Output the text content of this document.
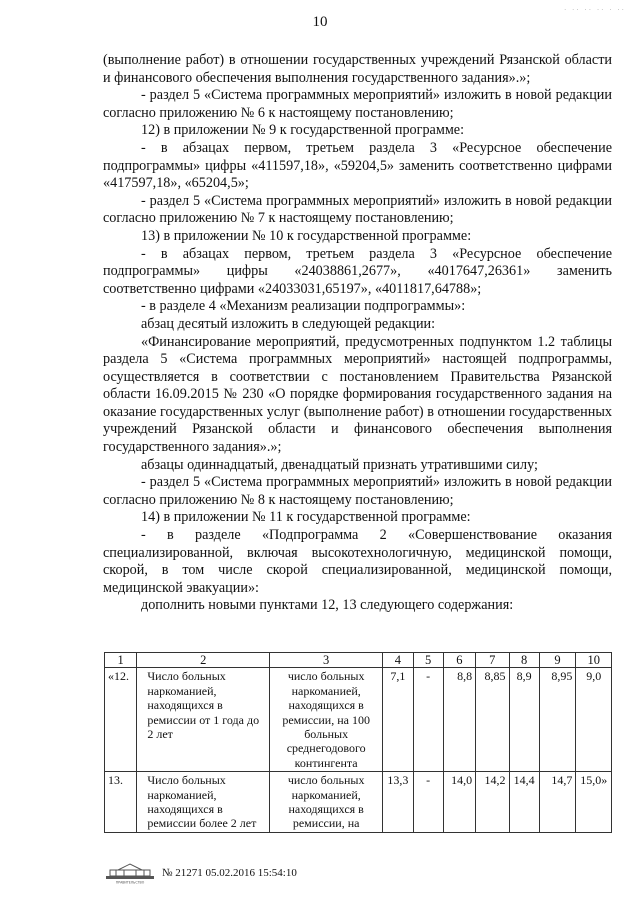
· ·· ·· ·· · ··
10

(выполнение работ) в отношении государственных учреждений Рязанской области и финансового обеспечения выполнения государственного задания».»;

- раздел 5 «Система программных мероприятий» изложить в новой редакции согласно приложению № 6 к настоящему постановлению;

12) в приложении № 9 к государственной программе:

- в абзацах первом, третьем раздела 3 «Ресурсное обеспечение подпрограммы» цифры «411597,18», «59204,5» заменить соответственно цифрами «417597,18», «65204,5»;

- раздел 5 «Система программных мероприятий» изложить в новой редакции согласно приложению № 7 к настоящему постановлению;

13) в приложении № 10 к государственной программе:

- в абзацах первом, третьем раздела 3 «Ресурсное обеспечение подпрограммы» цифры «24038861,2677», «4017647,26361» заменить соответственно цифрами «24033031,65197», «4011817,64788»;

- в разделе 4 «Механизм реализации подпрограммы»:

абзац десятый изложить в следующей редакции:

«Финансирование мероприятий, предусмотренных подпунктом 1.2 таблицы раздела 5 «Система программных мероприятий» настоящей подпрограммы, осуществляется в соответствии с постановлением Правительства Рязанской области 16.09.2015 № 230 «О порядке формирования государственного задания на оказание государственных услуг (выполнение работ) в отношении государственных учреждений Рязанской области и финансового обеспечения выполнения государственного задания».»;

абзацы одиннадцатый, двенадцатый признать утратившими силу;

- раздел 5 «Система программных мероприятий» изложить в новой редакции согласно приложению № 8 к настоящему постановлению;

14) в приложении № 11 к государственной программе:

- в разделе «Подпрограмма 2 «Совершенствование оказания специализированной, включая высокотехнологичную, медицинской помощи, скорой, в том числе скорой специализированной, медицинской помощи, медицинской эвакуации»:

дополнить новыми пунктами 12, 13 следующего содержания:

1	2	3	4	5	6	7	8	9	10
«12.	Число больных наркоманией, находящихся в ремиссии от 1 года до 2 лет	число больных наркоманией, находящихся в ремиссии, на 100 больных среднегодового контингента	7,1	-	8,8	8,85	8,9	8,95	9,0
13.	Число больных наркоманией, находящихся в ремиссии более 2 лет	число больных наркоманией, находящихся в ремиссии, на	13,3	-	14,0	14,2	14,4	14,7	15,0»
ПРАВИТЕЛЬСТВО
№ 21271 05.02.2016 15:54:10
